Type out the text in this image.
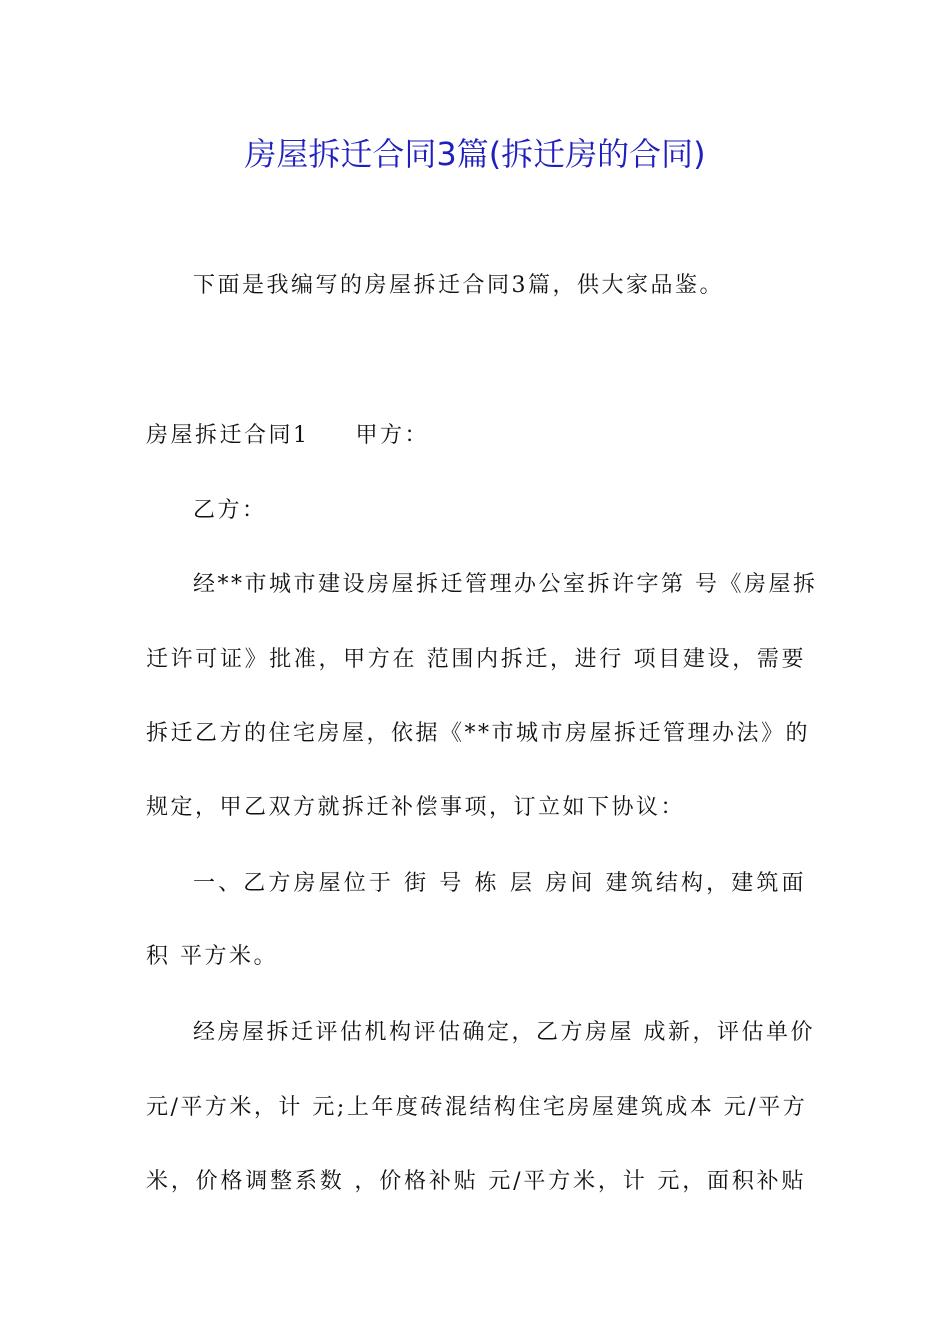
房屋拆迁合同3篇(拆迁房的合同)
下面是我编写的房屋拆迁合同3篇，供大家品鉴。
房屋拆迁合同1 甲方：
乙方：
经**市城市建设房屋拆迁管理办公室拆许字第 号《房屋拆
迁许可证》批准，甲方在 范围内拆迁，进行 项目建设，需要
拆迁乙方的住宅房屋，依据《**市城市房屋拆迁管理办法》的
规定，甲乙双方就拆迁补偿事项，订立如下协议：
一、乙方房屋位于 街 号 栋 层 房间 建筑结构，建筑面
积 平方米。
经房屋拆迁评估机构评估确定，乙方房屋 成新，评估单价
元/平方米，计 元;上年度砖混结构住宅房屋建筑成本 元/平方
米，价格调整系数 ，价格补贴 元/平方米，计 元，面积补贴
